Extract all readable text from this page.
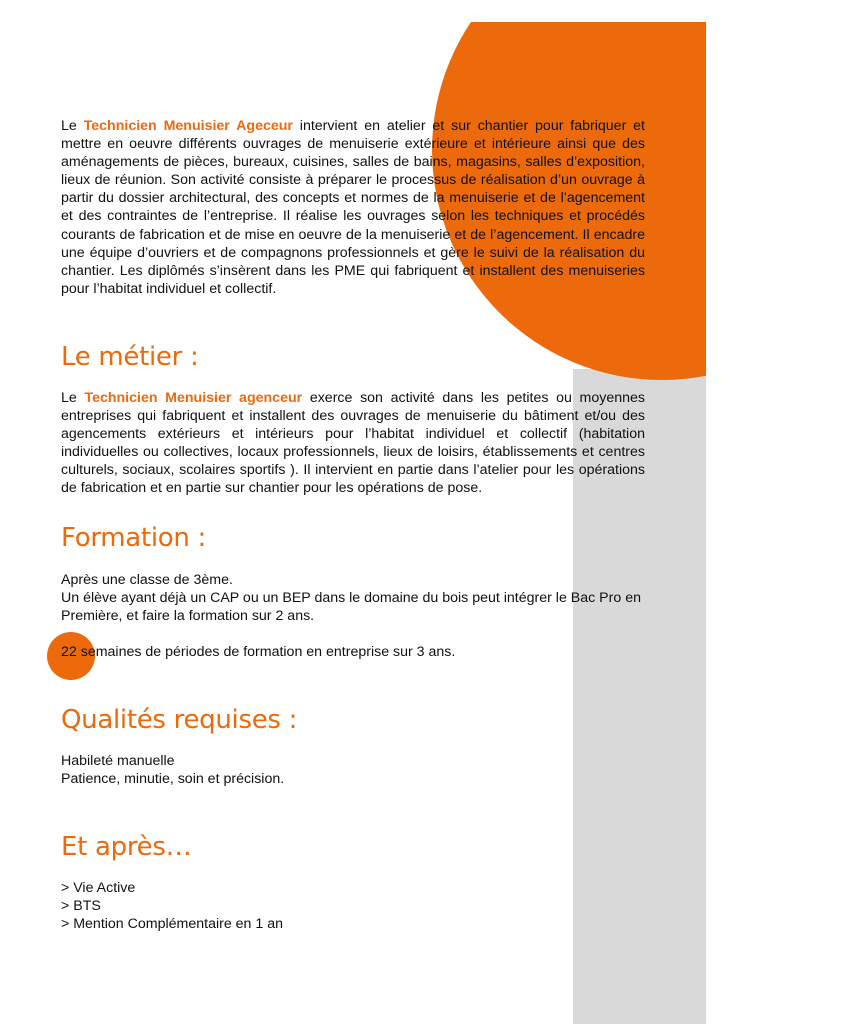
Le Technicien Menuisier Ageceur intervient en atelier et sur chantier pour fabriquer et mettre en oeuvre différents ouvrages de menuiserie extérieure et intérieure ainsi que des aménagements de pièces, bureaux, cuisines, salles de bains, magasins, salles d’exposition, lieux de réunion. Son activité consiste à préparer le processus de réalisation d’un ouvrage à partir du dossier architectural, des concepts et normes de la menuiserie et de l’agencement et des contraintes de l’entreprise. Il réalise les ouvrages selon les techniques et procédés courants de fabrication et de mise en oeuvre de la menuiserie et de l’agencement. Il encadre une équipe d’ouvriers et de compagnons professionnels et gère le suivi de la réalisation du chantier. Les diplômés s’insèrent dans les PME qui fabriquent et installent des menuiseries pour l’habitat individuel et collectif.

Le métier :

Le Technicien Menuisier agenceur exerce son activité dans les petites ou moyennes entreprises qui fabriquent et installent des ouvrages de menuiserie du bâtiment et/ou des agencements extérieurs et intérieurs pour l’habitat individuel et collectif (habitation individuelles ou collectives, locaux professionnels, lieux de loisirs, établissements et centres culturels, sociaux, scolaires sportifs ). Il intervient en partie dans l’atelier pour les opérations de fabrication et en partie sur chantier pour les opérations de pose.

Formation :
Après une classe de 3ème.
Un élève ayant déjà un CAP ou un BEP dans le domaine du bois peut intégrer le Bac Pro en Première, et faire la formation sur 2 ans.
22 semaines de périodes de formation en entreprise sur 3 ans.
Qualités requises :
Habileté manuelle
Patience, minutie, soin et précision.
Et après…
> Vie Active
> BTS
> Mention Complémentaire en 1 an
